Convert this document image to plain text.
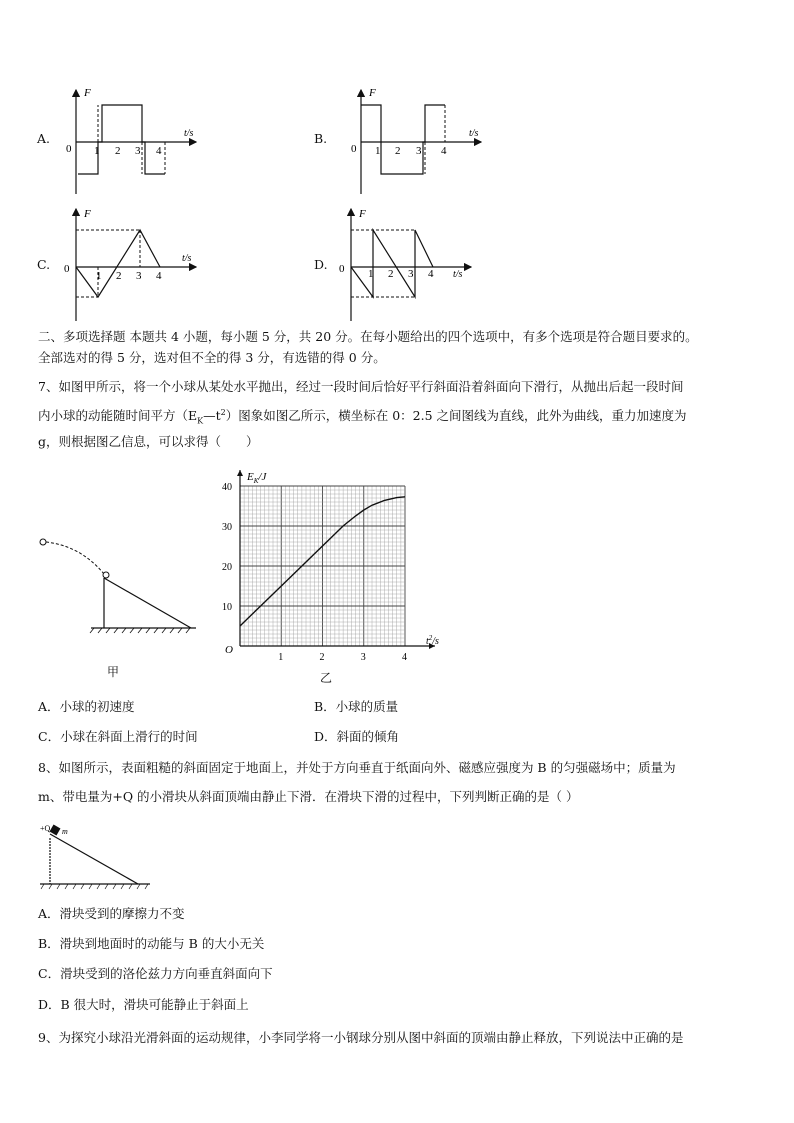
A.
F
t/s
0 1 2 3 4
B.
F
t/s
0 1 2 3 4
C.
F
t/s
0
1 2 3 4
D.
F
t/s
0 1 2 3 4
二、多项选择题 本题共 4 小题，每小题 5 分，共 20 分。在每小题给出的四个选项中，有多个选项是符合题目要求的。
全部选对的得 5 分，选对但不全的得 3 分，有选错的得 0 分。
7、如图甲所示，将一个小球从某处水平抛出，经过一段时间后恰好平行斜面沿着斜面向下滑行，从抛出后起一段时间
内小球的动能随时间平方$(E_K—t^2)$图象如图乙所示，横坐标在 0：2.5 之间图线为直线，此外为曲线，重力加速度为
g，则根据图乙信息，可以求得（　　）
甲
1	2	3	4
10
20
30
40
$E_K/J$
$t^2/s$
O
乙
A．小球的初速度	B．小球的质量
C．小球在斜面上滑行的时间	D．斜面的倾角
8、如图所示，表面粗糙的斜面固定于地面上，并处于方向垂直于纸面向外、磁感应强度为 B 的匀强磁场中；质量为
m、带电量为+Q 的小滑块从斜面顶端由静止下滑．在滑块下滑的过程中，下列判断正确的是（ ）
+Q m
A．滑块受到的摩擦力不变
B．滑块到地面时的动能与 B 的大小无关
C．滑块受到的洛伦兹力方向垂直斜面向下
D．B 很大时，滑块可能静止于斜面上
9、为探究小球沿光滑斜面的运动规律，小李同学将一小钢球分别从图中斜面的顶端由静止释放，下列说法中正确的是
